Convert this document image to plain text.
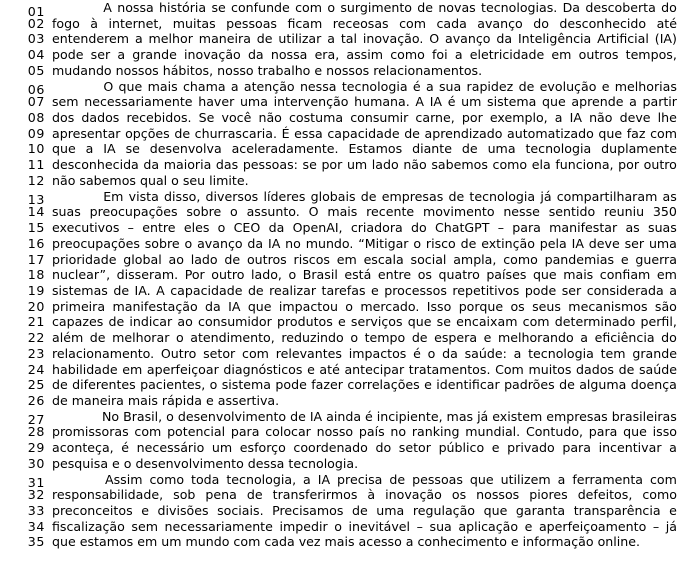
01	A nossa história se confunde com o surgimento de novas tecnologias. Da descoberta do
02 fogo à internet, muitas pessoas ficam receosas com cada avanço do desconhecido até
03 entenderem a melhor maneira de utilizar a tal inovação. O avanço da Inteligência Artificial (IA)
04 pode ser a grande inovação da nossa era, assim como foi a eletricidade em outros tempos,
05 mudando nossos hábitos, nosso trabalho e nossos relacionamentos.
06	O que mais chama a atenção nessa tecnologia é a sua rapidez de evolução e melhorias
07 sem necessariamente haver uma intervenção humana. A IA é um sistema que aprende a partir
08 dos dados recebidos. Se você não costuma consumir carne, por exemplo, a IA não deve lhe
09 apresentar opções de churrascaria. É essa capacidade de aprendizado automatizado que faz com
10 que a IA se desenvolva aceleradamente. Estamos diante de uma tecnologia duplamente
11 desconhecida da maioria das pessoas: se por um lado não sabemos como ela funciona, por outro
12 não sabemos qual o seu limite.
13	Em vista disso, diversos líderes globais de empresas de tecnologia já compartilharam as
14 suas preocupações sobre o assunto. O mais recente movimento nesse sentido reuniu 350
15 executivos – entre eles o CEO da OpenAI, criadora do ChatGPT – para manifestar as suas
16 preocupações sobre o avanço da IA no mundo. “Mitigar o risco de extinção pela IA deve ser uma
17 prioridade global ao lado de outros riscos em escala social ampla, como pandemias e guerra
18 nuclear”, disseram. Por outro lado, o Brasil está entre os quatro países que mais confiam em
19 sistemas de IA. A capacidade de realizar tarefas e processos repetitivos pode ser considerada a
20 primeira manifestação da IA que impactou o mercado. Isso porque os seus mecanismos são
21 capazes de indicar ao consumidor produtos e serviços que se encaixam com determinado perfil,
22 além de melhorar o atendimento, reduzindo o tempo de espera e melhorando a eficiência do
23 relacionamento. Outro setor com relevantes impactos é o da saúde: a tecnologia tem grande
24 habilidade em aperfeiçoar diagnósticos e até antecipar tratamentos. Com muitos dados de saúde
25 de diferentes pacientes, o sistema pode fazer correlações e identificar padrões de alguma doença
26 de maneira mais rápida e assertiva.
27	No Brasil, o desenvolvimento de IA ainda é incipiente, mas já existem empresas brasileiras
28 promissoras com potencial para colocar nosso país no ranking mundial. Contudo, para que isso
29 aconteça, é necessário um esforço coordenado do setor público e privado para incentivar a
30 pesquisa e o desenvolvimento dessa tecnologia.
31	Assim como toda tecnologia, a IA precisa de pessoas que utilizem a ferramenta com
32 responsabilidade, sob pena de transferirmos à inovação os nossos piores defeitos, como
33 preconceitos e divisões sociais. Precisamos de uma regulação que garanta transparência e
34 fiscalização sem necessariamente impedir o inevitável – sua aplicação e aperfeiçoamento – já
35 que estamos em um mundo com cada vez mais acesso a conhecimento e informação online.
